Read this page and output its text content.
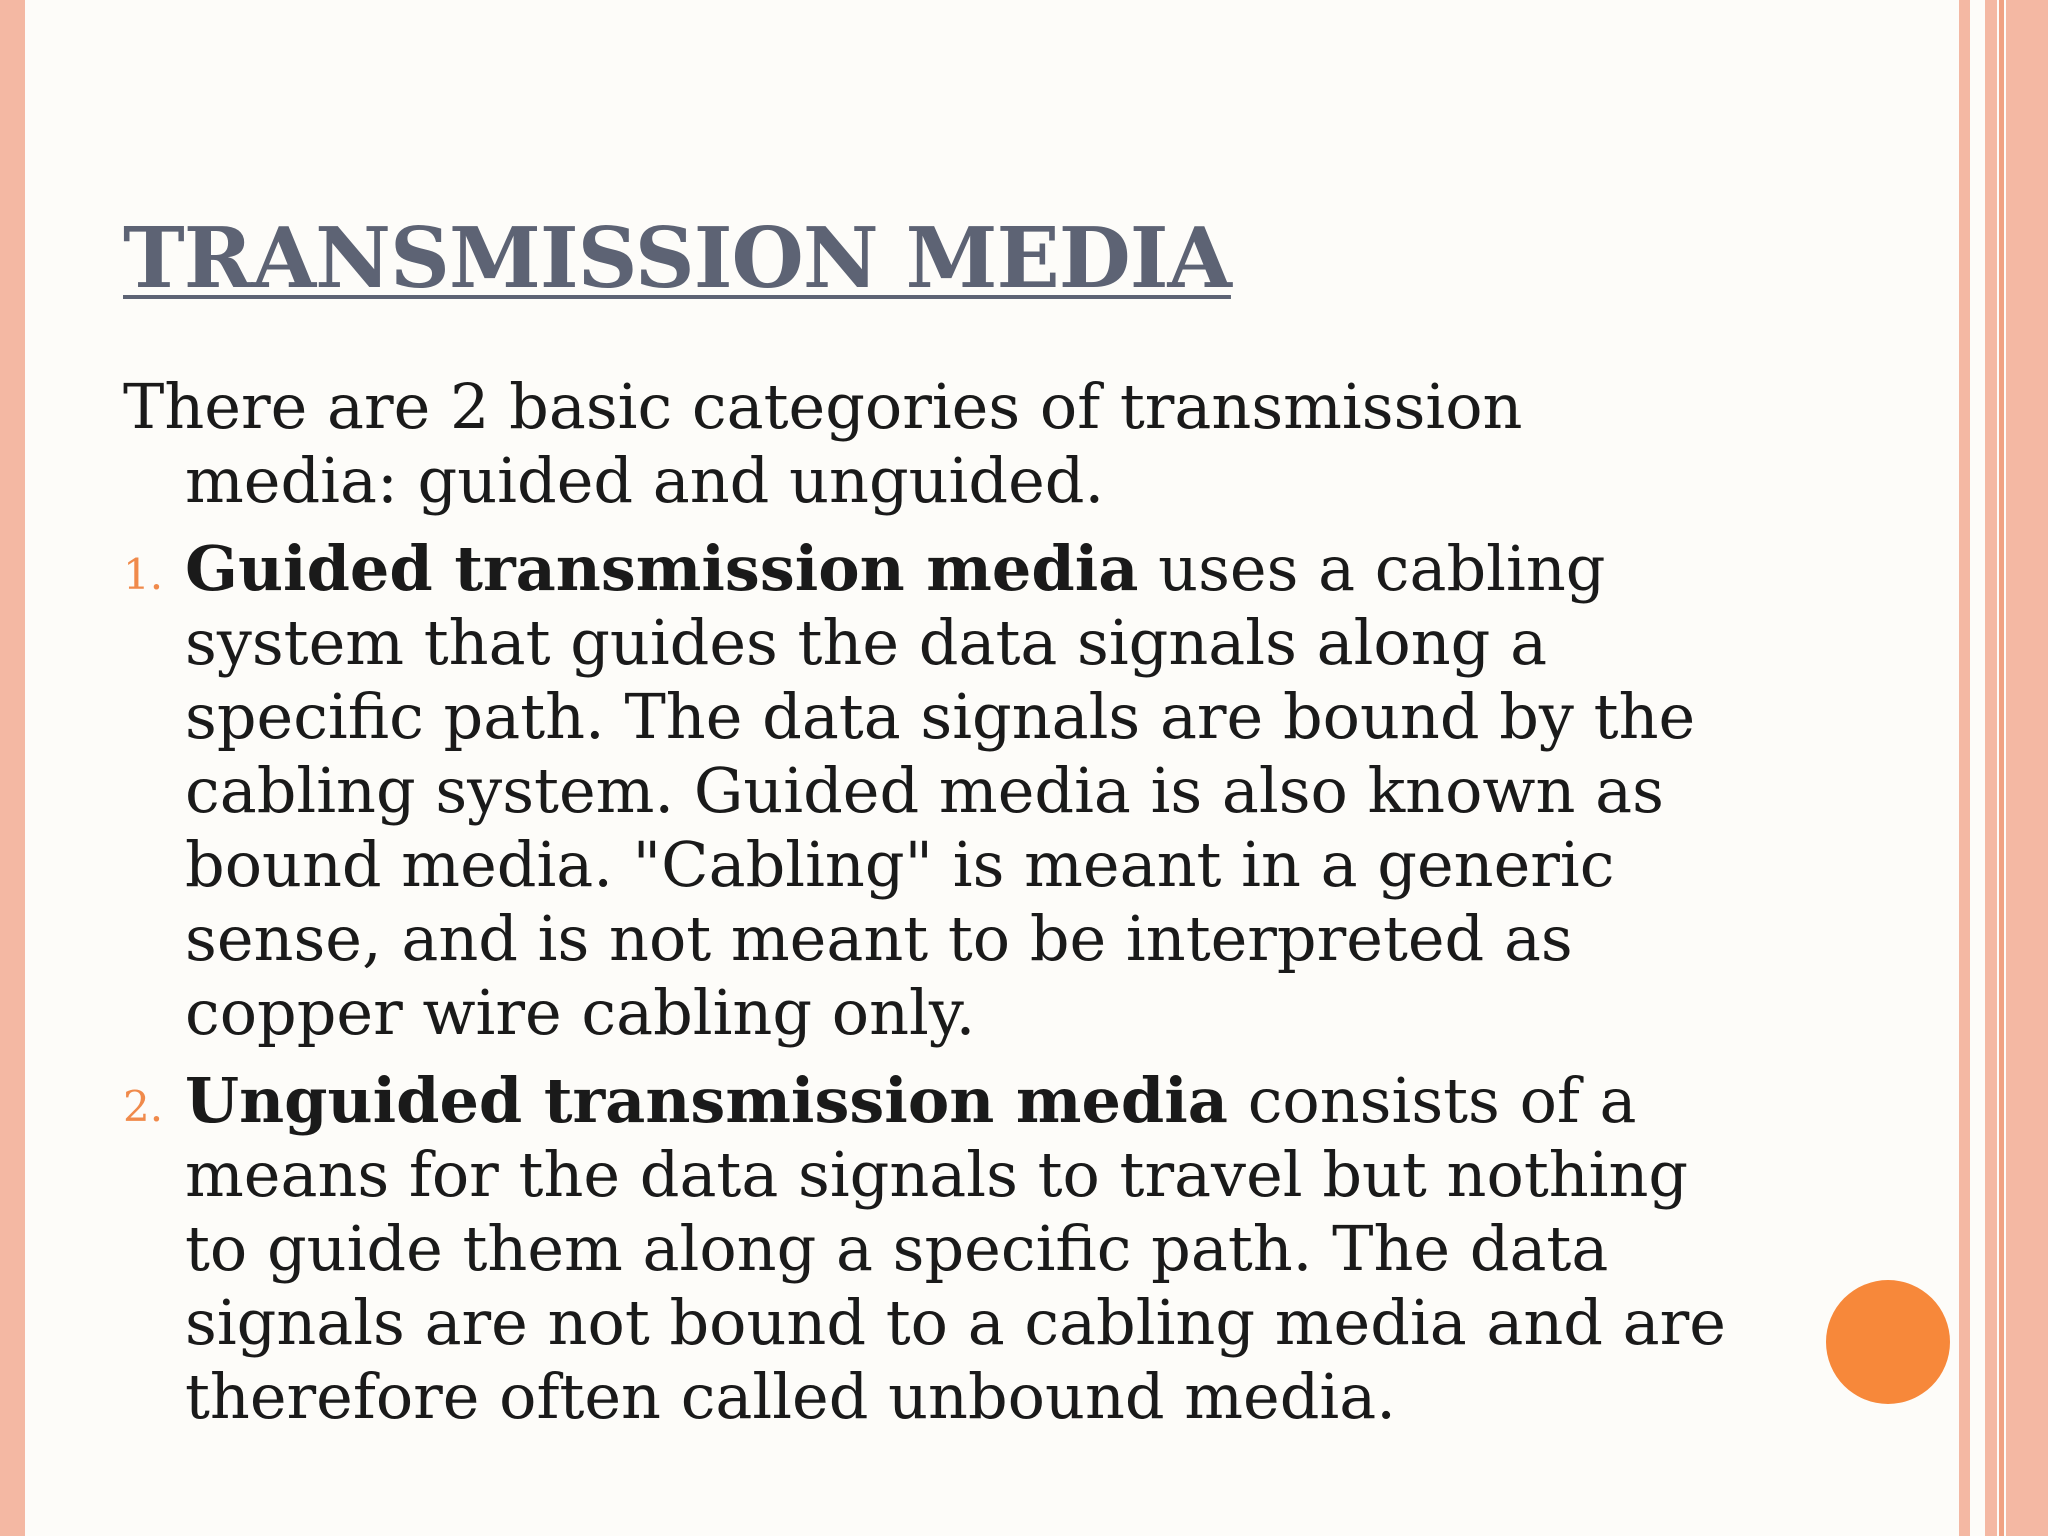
TRANSMISSION MEDIA

There are 2 basic categories of transmission media: guided and unguided.

1. Guided transmission media uses a cabling system that guides the data signals along a specific path. The data signals are bound by the cabling system. Guided media is also known as bound media. "Cabling" is meant in a generic sense, and is not meant to be interpreted as copper wire cabling only.
2. Unguided transmission media consists of a means for the data signals to travel but nothing to guide them along a specific path. The data signals are not bound to a cabling media and are therefore often called unbound media.
